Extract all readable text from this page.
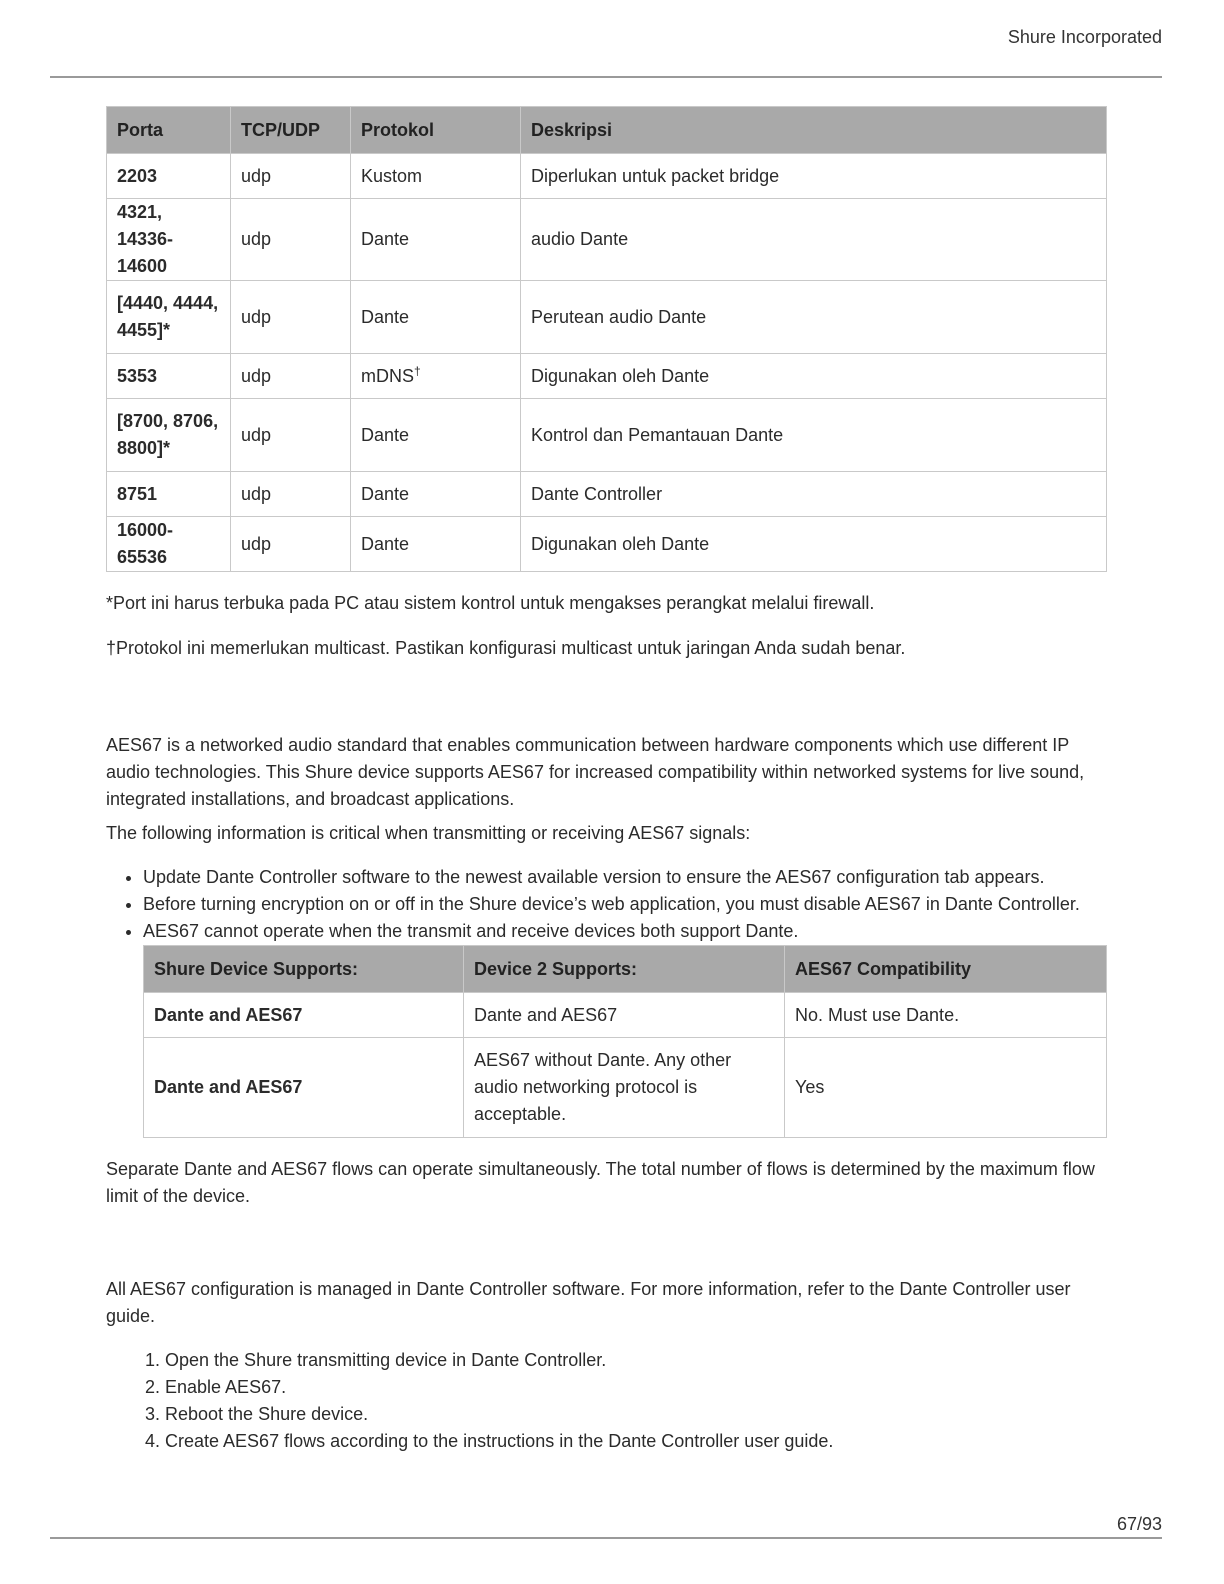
Shure Incorporated
Porta	TCP/UDP	Protokol	Deskripsi
2203	udp	Kustom	Diperlukan untuk packet bridge
4321, 14336-14600	udp	Dante	audio Dante
[4440, 4444, 4455]*	udp	Dante	Perutean audio Dante
5353	udp	mDNS†	Digunakan oleh Dante
[8700, 8706, 8800]*	udp	Dante	Kontrol dan Pemantauan Dante
8751	udp	Dante	Dante Controller
16000-65536	udp	Dante	Digunakan oleh Dante

*Port ini harus terbuka pada PC atau sistem kontrol untuk mengakses perangkat melalui firewall.

†Protokol ini memerlukan multicast. Pastikan konfigurasi multicast untuk jaringan Anda sudah benar.

AES67 is a networked audio standard that enables communication between hardware components which use different IP audio technologies. This Shure device supports AES67 for increased compatibility within networked systems for live sound, integrated installations, and broadcast applications.

The following information is critical when transmitting or receiving AES67 signals:

• Update Dante Controller software to the newest available version to ensure the AES67 configuration tab appears.
• Before turning encryption on or off in the Shure device’s web application, you must disable AES67 in Dante Controller.
• AES67 cannot operate when the transmit and receive devices both support Dante.
Shure Device Supports:	Device 2 Supports:	AES67 Compatibility
Dante and AES67	Dante and AES67	No. Must use Dante.
Dante and AES67	AES67 without Dante. Any other audio networking protocol is acceptable.	Yes

Separate Dante and AES67 flows can operate simultaneously. The total number of flows is determined by the maximum flow limit of the device.

All AES67 configuration is managed in Dante Controller software. For more information, refer to the Dante Controller user guide.

1. Open the Shure transmitting device in Dante Controller.
2. Enable AES67.
3. Reboot the Shure device.
4. Create AES67 flows according to the instructions in the Dante Controller user guide.
67/93
